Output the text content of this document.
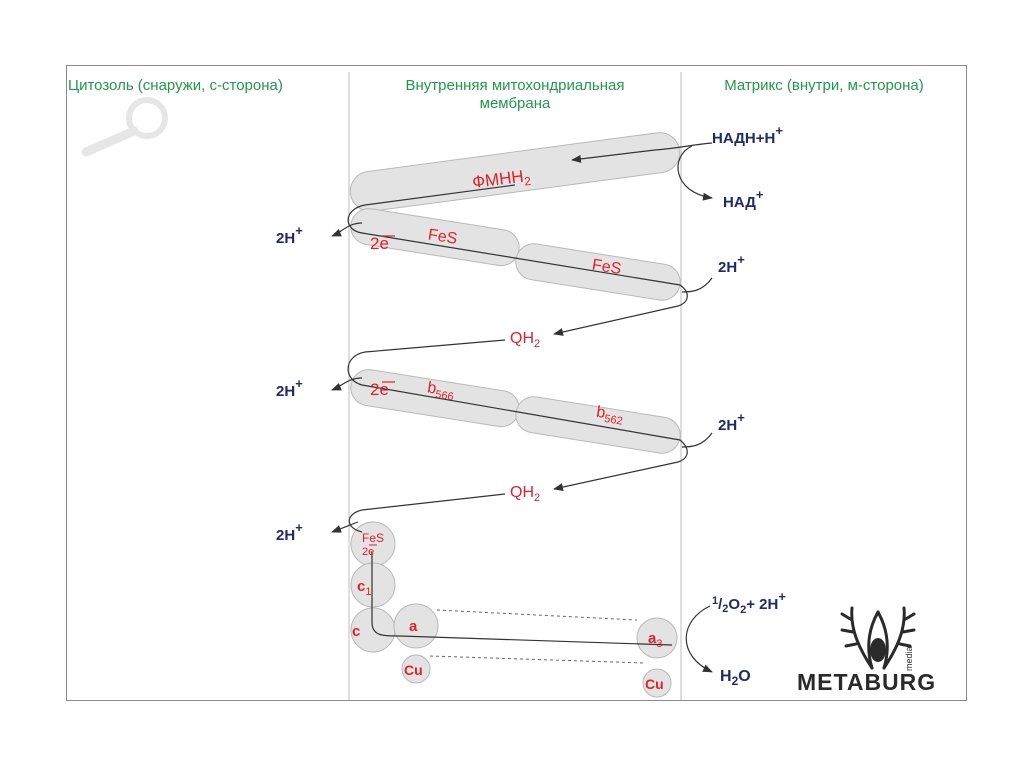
Цитозоль (снаружи, с-сторона)	Внутренняя митохондриальная
мембрана
Матрикс (внутри, м-сторона)
$ФМНН_2$
2e FeS
FeS
$QH_2$
2e $b_{566}$
$b_{562}$
$QH_2$
FeS
2e
$c_1$
c	a
Cu
$a_3$
Cu
НАДН+Н+
НАД+
2H+
2H+
2H+
2H+
2H+
$^1/_2O_2+ 2H+$
$H_2O$
media
METABURG
